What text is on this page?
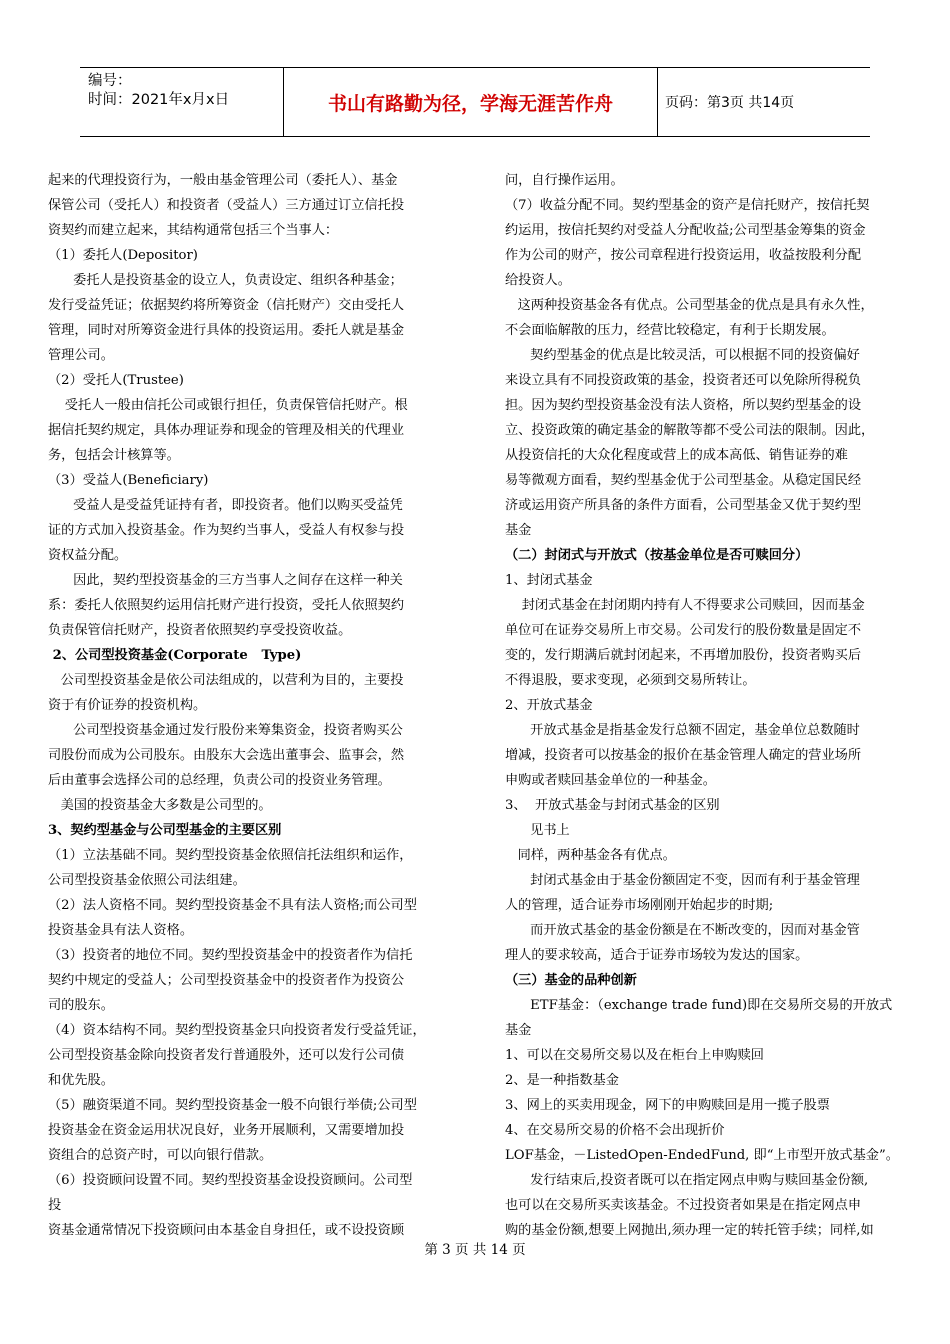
编号：
时间：2021年x月x日	书山有路勤为径，学海无涯苦作舟	页码：第3页 共14页
起来的代理投资行为，一般由基金管理公司（委托人）、基金
保管公司（受托人）和投资者（受益人）三方通过订立信托投
资契约而建立起来，其结构通常包括三个当事人：
（1）委托人(Depositor)
委托人是投资基金的设立人，负责设定、组织各种基金；
发行受益凭证；依据契约将所筹资金（信托财产）交由受托人
管理，同时对所筹资金进行具体的投资运用。委托人就是基金
管理公司。
（2）受托人(Trustee)
受托人一般由信托公司或银行担任，负责保管信托财产。根
据信托契约规定，具体办理证券和现金的管理及相关的代理业
务，包括会计核算等。
（3）受益人(Beneficiary)
受益人是受益凭证持有者，即投资者。他们以购买受益凭
证的方式加入投资基金。作为契约当事人，受益人有权参与投
资权益分配。
因此，契约型投资基金的三方当事人之间存在这样一种关
系：委托人依照契约运用信托财产进行投资，受托人依照契约
负责保管信托财产，投资者依照契约享受投资收益。
2、公司型投资基金(Corporate   Type)
公司型投资基金是依公司法组成的，以营利为目的，主要投
资于有价证券的投资机构。
公司型投资基金通过发行股份来筹集资金，投资者购买公
司股份而成为公司股东。由股东大会选出董事会、监事会，然
后由董事会选择公司的总经理，负责公司的投资业务管理。
美国的投资基金大多数是公司型的。
3、契约型基金与公司型基金的主要区别
（1）立法基础不同。契约型投资基金依照信托法组织和运作，
公司型投资基金依照公司法组建。
（2）法人资格不同。契约型投资基金不具有法人资格;而公司型
投资基金具有法人资格。
（3）投资者的地位不同。契约型投资基金中的投资者作为信托
契约中规定的受益人；公司型投资基金中的投资者作为投资公
司的股东。
（4）资本结构不同。契约型投资基金只向投资者发行受益凭证，
公司型投资基金除向投资者发行普通股外，还可以发行公司债
和优先股。
（5）融资渠道不同。契约型投资基金一般不向银行举债;公司型
投资基金在资金运用状况良好，业务开展顺利，又需要增加投
资组合的总资产时，可以向银行借款。
（6）投资顾问设置不同。契约型投资基金设投资顾问。公司型
投
资基金通常情况下投资顾问由本基金自身担任，或不设投资顾
问，自行操作运用。
（7）收益分配不同。契约型基金的资产是信托财产，按信托契
约运用，按信托契约对受益人分配收益;公司型基金筹集的资金
作为公司的财产，按公司章程进行投资运用，收益按股利分配
给投资人。
这两种投资基金各有优点。公司型基金的优点是具有永久性，
不会面临解散的压力，经营比较稳定，有利于长期发展。
契约型基金的优点是比较灵活，可以根据不同的投资偏好
来设立具有不同投资政策的基金，投资者还可以免除所得税负
担。因为契约型投资基金没有法人资格，所以契约型基金的设
立、投资政策的确定基金的解散等都不受公司法的限制。因此，
从投资信托的大众化程度或营上的成本高低、销售证券的难
易等微观方面看，契约型基金优于公司型基金。从稳定国民经
济或运用资产所具备的条件方面看，公司型基金又优于契约型
基金
（二）封闭式与开放式（按基金单位是否可赎回分）
1、封闭式基金
封闭式基金在封闭期内持有人不得要求公司赎回，因而基金
单位可在证券交易所上市交易。公司发行的股份数量是固定不
变的，发行期满后就封闭起来，不再增加股份，投资者购买后
不得退股，要求变现，必须到交易所转让。
2、开放式基金
开放式基金是指基金发行总额不固定，基金单位总数随时
增减，投资者可以按基金的报价在基金管理人确定的营业场所
申购或者赎回基金单位的一种基金。
3、  开放式基金与封闭式基金的区别
见书上
同样，两种基金各有优点。
封闭式基金由于基金份额固定不变，因而有利于基金管理
人的管理，适合证券市场刚刚开始起步的时期;
而开放式基金的基金份额是在不断改变的，因而对基金管
理人的要求较高，适合于证券市场较为发达的国家。
（三）基金的品种创新
ETF基金：（exchange trade fund)即在交易所交易的开放式
基金
1、可以在交易所交易以及在柜台上申购赎回
2、是一种指数基金
3、网上的买卖用现金，网下的申购赎回是用一揽子股票
4、在交易所交易的价格不会出现折价
LOF基金，－ListedOpen-EndedFund, 即“上市型开放式基金”。
发行结束后,投资者既可以在指定网点申购与赎回基金份额,
也可以在交易所买卖该基金。不过投资者如果是在指定网点申
购的基金份额,想要上网抛出,须办理一定的转托管手续；同样,如
第 3 页 共 14 页
